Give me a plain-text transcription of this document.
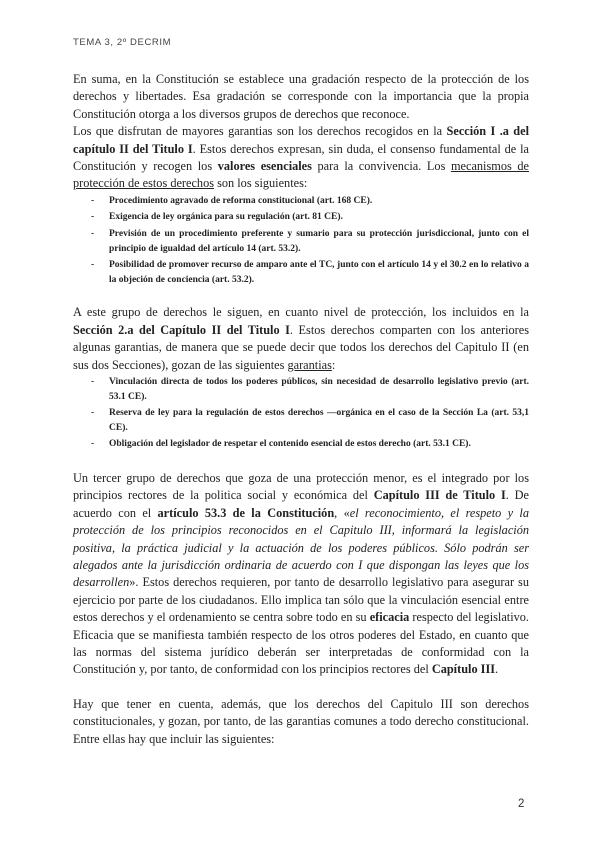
TEMA 3, 2º DECRIM

En suma, en la Constitución se establece una gradación respecto de la protección de los derechos y libertades. Esa gradación se corresponde con la importancia que la propia Constitución otorga a los diversos grupos de derechos que reconoce.

Los que disfrutan de mayores garantias son los derechos recogidos en la Sección I .a del capítulo II del Titulo I. Estos derechos expresan, sin duda, el consenso fundamental de la Constitución y recogen los valores esenciales para la convivencia. Los mecanismos de protección de estos derechos son los siguientes:

- Procedimiento agravado de reforma constitucional (art. 168 CE).
- Exigencia de ley orgánica para su regulación (art. 81 CE).
- Previsión de un procedimiento preferente y sumario para su protección jurisdiccional, junto con el principio de igualdad del artículo 14 (art. 53.2).
- Posibilidad de promover recurso de amparo ante el TC, junto con el artículo 14 y el 30.2 en lo relativo a la objeción de conciencia (art. 53.2).

A este grupo de derechos le siguen, en cuanto nivel de protección, los incluidos en la Sección 2.a del Capítulo II del Titulo I. Estos derechos comparten con los anteriores algunas garantias, de manera que se puede decir que todos los derechos del Capitulo II (en sus dos Secciones), gozan de las siguientes garantias:

- Vinculación directa de todos los poderes públicos, sin necesidad de desarrollo legislativo previo (art. 53.1 CE).
- Reserva de ley para la regulación de estos derechos —orgánica en el caso de la Sección La (art. 53,1 CE).
- Obligación del legislador de respetar el contenido esencial de estos derecho (art. 53.1 CE).

Un tercer grupo de derechos que goza de una protección menor, es el integrado por los principios rectores de la politica social y económica del Capítulo III de Titulo I. De acuerdo con el artículo 53.3 de la Constitución, «el reconocimiento, el respeto y la protección de los principios reconocidos en el Capitulo III, informará la legislación positiva, la práctica judicial y la actuación de los poderes públicos. Sólo podrán ser alegados ante la jurisdicción ordinaria de acuerdo con I que dispongan las leyes que los desarrollen». Estos derechos requieren, por tanto de desarrollo legislativo para asegurar su ejercicio por parte de los ciudadanos. Ello implica tan sólo que la vinculación esencial entre estos derechos y el ordenamiento se centra sobre todo en su eficacia respecto del legislativo. Eficacia que se manifiesta también respecto de los otros poderes del Estado, en cuanto que las normas del sistema jurídico deberán ser interpretadas de conformidad con la Constitución y, por tanto, de conformidad con los principios rectores del Capítulo III.

Hay que tener en cuenta, además, que los derechos del Capitulo III son derechos constitucionales, y gozan, por tanto, de las garantias comunes a todo derecho constitucional. Entre ellas hay que incluir las siguientes:

2
